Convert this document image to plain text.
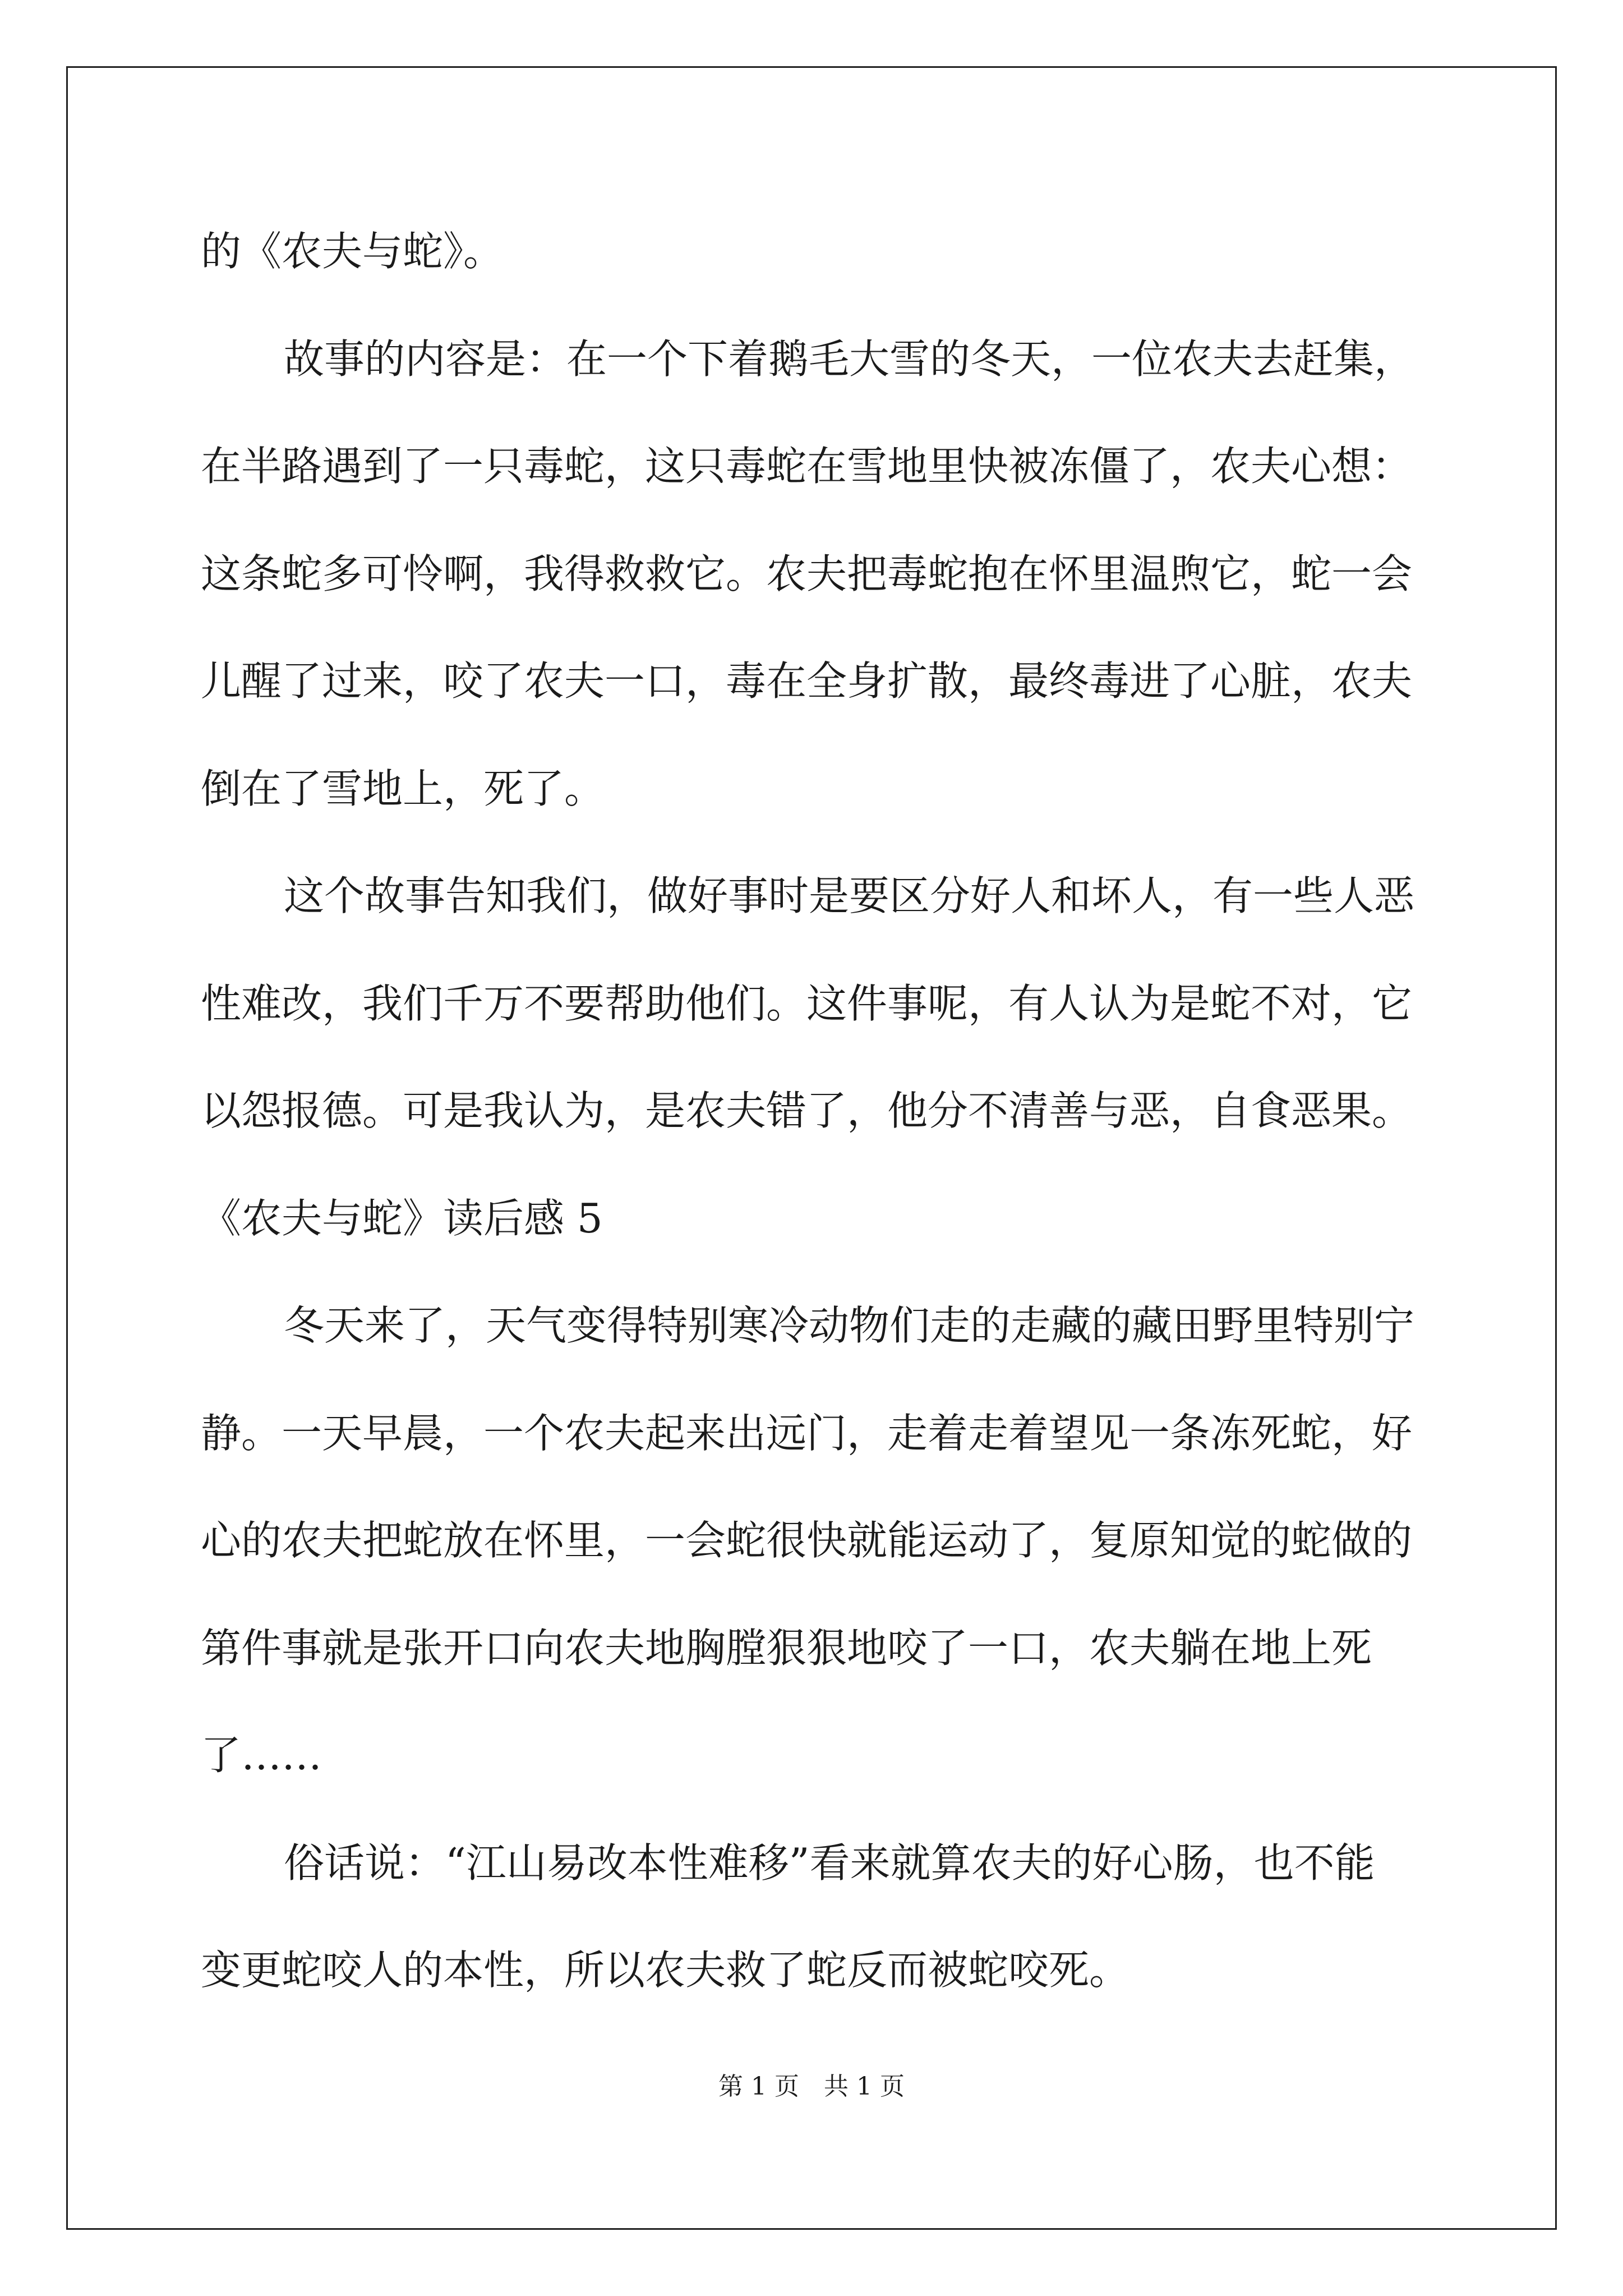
的《农夫与蛇》。
故事的内容是：在一个下着鹅毛大雪的冬天，一位农夫去赶集，
在半路遇到了一只毒蛇，这只毒蛇在雪地里快被冻僵了，农夫心想：
这条蛇多可怜啊，我得救救它。农夫把毒蛇抱在怀里温煦它，蛇一会
儿醒了过来，咬了农夫一口，毒在全身扩散，最终毒进了心脏，农夫
倒在了雪地上，死了。
这个故事告知我们，做好事时是要区分好人和坏人，有一些人恶
性难改，我们千万不要帮助他们。这件事呢，有人认为是蛇不对，它
以怨报德。可是我认为，是农夫错了，他分不清善与恶，自食恶果。
《农夫与蛇》读后感 5
冬天来了，天气变得特别寒冷动物们走的走藏的藏田野里特别宁
静。一天早晨，一个农夫起来出远门，走着走着望见一条冻死蛇，好
心的农夫把蛇放在怀里，一会蛇很快就能运动了，复原知觉的蛇做的
第件事就是张开口向农夫地胸膛狠狠地咬了一口，农夫躺在地上死
了……
俗话说：“江山易改本性难移”看来就算农夫的好心肠，也不能
变更蛇咬人的本性，所以农夫救了蛇反而被蛇咬死。
第 1 页　共 1 页
